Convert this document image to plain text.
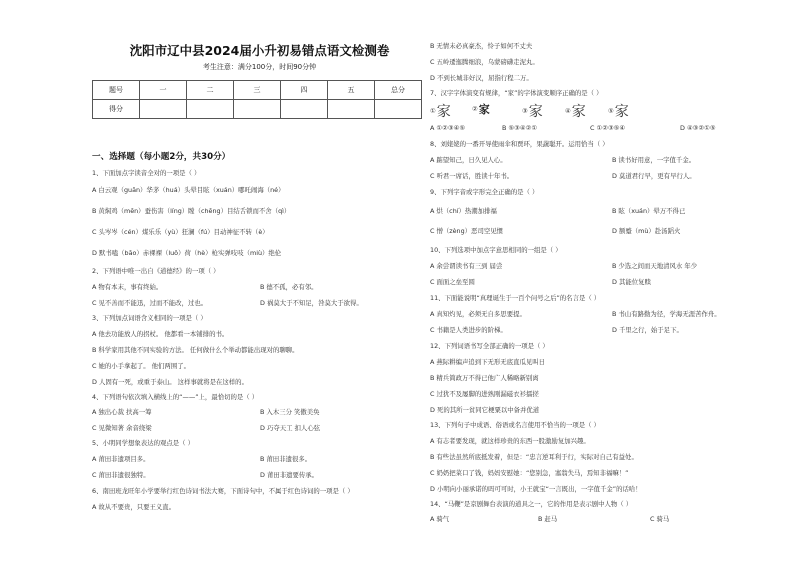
沈阳市辽中县2024届小升初易错点语文检测卷
考生注意：满分100分，时间90分钟
题号	一	二	三	四	五	总分
得分						
一、选择题（每小题2分，共30分）
1、下面加点字读音全对的一项是（ ）
A 白云观（guān）华茅（huá）头晕目眩（xuán）哪吒闹海（né）
B 黄焖鸡（mēn）蚕伤害（líng）瞠（chēng）目结舌锁而不舍（qì）
C 头岑岑（cén）煤乐乐（yù）狂澜（fú）目动神征不转（è）
D 默书嗑（bāo）赤裸裸（luǒ）荷（hè）枪实弹吱吱（miù）绝伦
2、下列语中唯一出自《道德经》的一项（ ）
A 物有本末，事有终始。	B 德不孤，必有邻。
C 见不善而不能迅，过而不能改，过也。	D 祸莫大于不知足，咎莫大于欲得。
3、下列加点词语含义相同的一项是（ ）
A 他去功能放人的拐杖。 他都看一本铺排的书。
B 科学家用其他不同实验的方法。 任何做什么个举动都能出现对的聊聊。
C 她的小手拿起了。 他们两围了。
D 人固有一死，或重于泰山。 这样事就将是在这样的。
4、下列语句依次填入横线上的“——”上，最恰切的是（ ）
A 独出心裁 扶高一筹	B 入木三分 笑傲美奂
C 见微知著 余音绕梁	D 巧夺天工 扣人心弦
5、小明同学想象表达的观点是（ ）
A 莆田非遗项目多。	B 莆田非遗很多。
C 莆田非遗很独特。	D 莆田非遗要传承。
6、南田班龙旺年小学要举行红色诗词书法大赛，下面诗句中，不属于红色诗词的一项是（ ）
A 故从不要贵，只要王义直。
B 无情未必真豪杰，怜子如何不丈夫
C 五岭逶迤腾细浪，乌蒙磅礴走泥丸。
D 不到长城非好汉，屈指行程二万。
7、汉字字体演变有规律，“家”的字体演变顺序正确的是（ ）
① 家	② 家	③ 家	④ 家	⑤ 家
A ①②③④⑤	B ⑤③④②①	C ①②③⑤④	D ④③②①⑤
8、刘姥姥的一番开导使雨伞和贾环，果蔬聪开。运用恰当（ ）
A 踮望知己，日久见人心。	B 读书好用意，一字值千金。
C 听君一席话，胜读十年书。	D 莫道君行早，更有早行人。
9、下列字音或字形完全正确的是（ ）
A 烘（chí）热潮加排福	B 眩（xuán）晕万不得已
C 憎（zèng）恶司空见惯	D 额蹙（mù）赴汤蹈火
10、下列选项中加点字意思相同的一组是（ ）
A 余尝谓读书有三到 届尝	B 少选之间而天地清风水 年少
C 面面之垒至圆	D 其能位复赎
11、下面能说明“真理诞生于一百个问号之后”的名言是（ ）
A 真知灼见，必须无自多思要提。	B 书山有路勤为径，学海无涯苦作舟。
C 书籍是人类进步的阶梯。	D 千里之行，始于足下。
12、下列词语书写全部正确的一项是（ ）
A 燕际耕编声追到下无形无底直瓜见叫日
B 精兵简政万不得已他广人稀略新别离
C 过犹不及屡脚的进熟刚漏磁衣衫擂搓
D 死的其所一贫同它梗粟以中备并优道
13、下列句子中成语、俗语或名言使用不恰当的一项是（ ）
A 有志者要发现，就这样珍贵的东西一股激励复加兴趣。
B 有些法虽然所底抵发着，但是：“忠言逆耳利于行，实际对自己有益处。
C 奶奶把菜口了钱，妈妈安慰她：“您别急，塞翁失马，焉知非福嘛！”
D 小明向小丽承诺的吗可可时，小王就宝“一言既出，一字值千金”的话哈！
14、“马鞭”是京剧舞台表演的道具之一，它的作用是表示剧中人物（ ）
A 骑气	B 赶马	C 骑马
